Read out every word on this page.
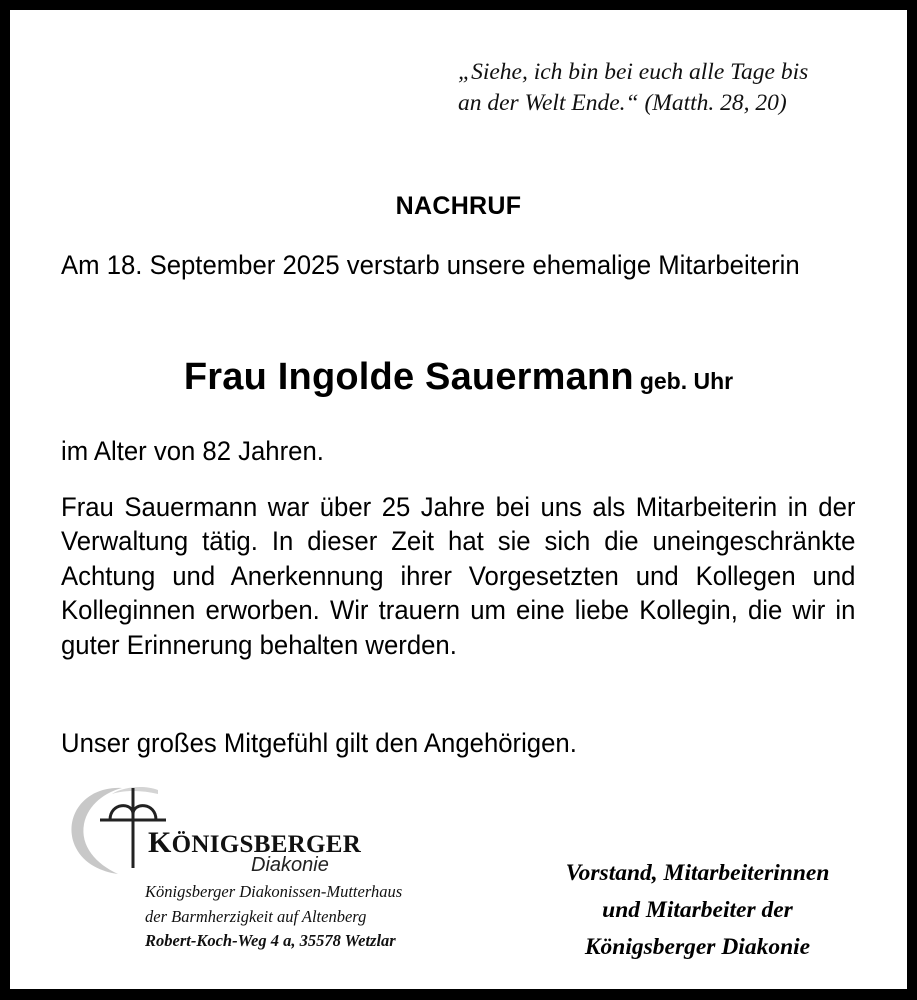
„Siehe, ich bin bei euch alle Tage bis
an der Welt Ende.“ (Matth. 28, 20)
NACHRUF
Am 18. September 2025 verstarb unsere ehemalige Mitarbeiterin
Frau Ingolde Sauermann geb. Uhr
im Alter von 82 Jahren.
Frau Sauermann war über 25 Jahre bei uns als Mitarbeiterin in der Verwaltung tätig. In dieser Zeit hat sie sich die uneingeschränkte Achtung und Anerkennung ihrer Vorgesetzten und Kollegen und Kolleginnen erworben. Wir trauern um eine liebe Kollegin, die wir in guter Erinnerung behalten werden.
Unser großes Mitgefühl gilt den Angehörigen.
KÖNIGSBERGER
Diakonie
Königsberger Diakonissen-Mutterhaus
der Barmherzigkeit auf Altenberg
Robert-Koch-Weg 4 a, 35578 Wetzlar
Vorstand, Mitarbeiterinnen
und Mitarbeiter der
Königsberger Diakonie
